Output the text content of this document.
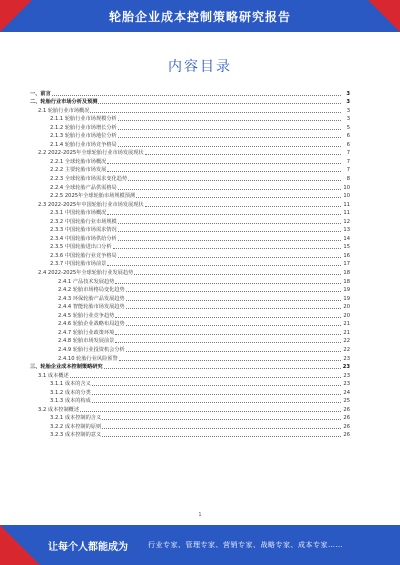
轮胎企业成本控制策略研究报告
内容目录
一、前言	3
二、轮胎行业市场分析及预测	3
2.1 轮胎行业市场概况	3
2.1.1 轮胎行业市场规模分析	3
2.1.2 轮胎行业市场增长分析	5
2.1.3 轮胎行业市场地位分析	6
2.1.4 轮胎行业市场竞争格局	6
2.2 2022-2025年全球轮胎行业市场发展现状	7
2.2.1 全球轮胎市场概况	7
2.2.2 主要轮胎市场发展	7
2.2.3 全球轮胎市场需求变化趋势	8
2.2.4 全球轮胎产品供需格局	10
2.2.5 2025年全球轮胎市场规模预测	10
2.3 2022-2025年中国轮胎行业市场发展现状	11
2.3.1 中国轮胎市场概况	11
2.3.2 中国轮胎行业市场规模	12
2.3.3 中国轮胎市场需求情况	13
2.3.4 中国轮胎市场供给分析	14
2.3.5 中国轮胎进出口分析	15
2.3.6 中国轮胎行业竞争格局	16
2.3.7 中国轮胎市场前景	17
2.4 2022-2025年全球轮胎行业发展趋势	18
2.4.1 产品技术发展趋势	18
2.4.2 轮胎市场格局变化趋势	19
2.4.3 环保轮胎产品发展趋势	19
2.4.4 智能轮胎市场发展趋势	20
2.4.5 轮胎行业竞争趋势	20
2.4.6 轮胎企业战略布局趋势	21
2.4.7 轮胎行业政策环境	21
2.4.8 轮胎市场发展前景	22
2.4.9 轮胎行业投资机会分析	22
2.4.10 轮胎行业风险预警	23
三、轮胎企业成本控制策略研究	23
3.1 成本概述	23
3.1.1 成本的含义	23
3.1.2 成本的分类	24
3.1.3 成本的构成	25
3.2 成本控制概述	26
3.2.1 成本控制的含义	26
3.2.2 成本控制的原则	26
3.2.3 成本控制的意义	26
1
让每个人都能成为	行业专家、管理专家、营销专家、战略专家、成本专家……
